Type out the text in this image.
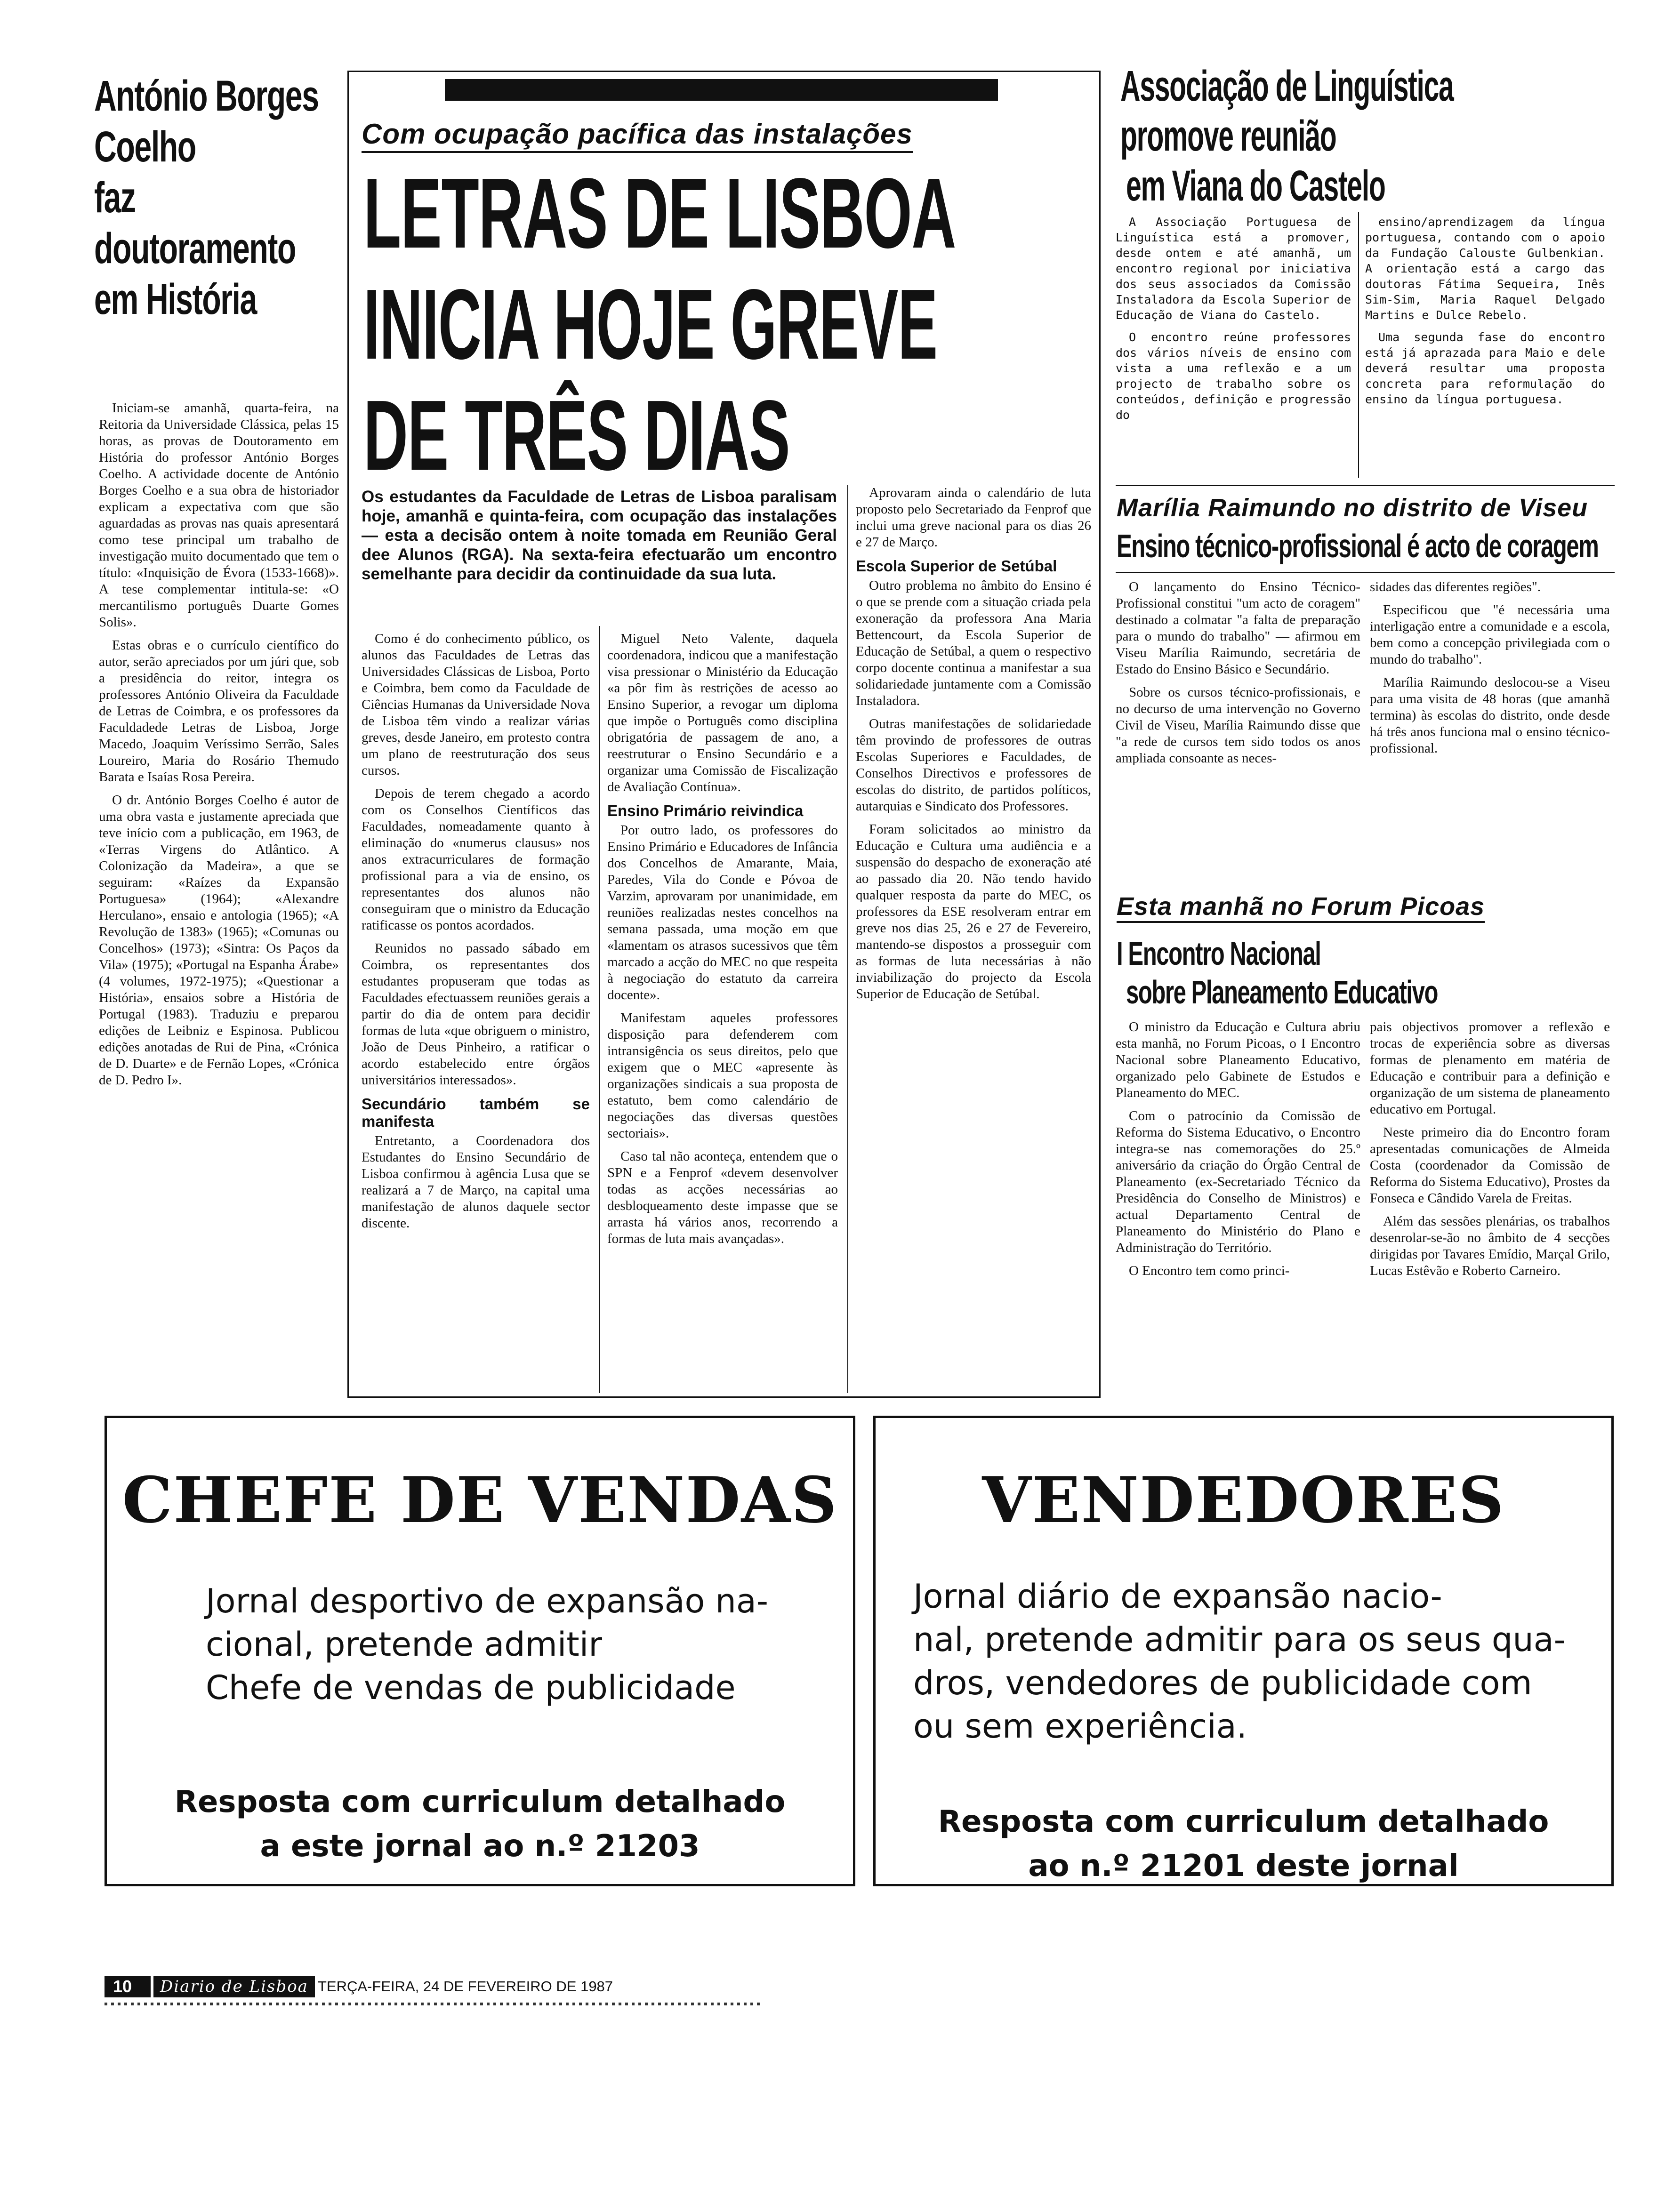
António Borges
Coelho
faz
doutoramento
em História

Iniciam-se amanhã, quarta-feira, na Reitoria da Universidade Clássica, pelas 15 horas, as provas de Doutoramento em História do professor António Borges Coelho. A actividade docente de António Borges Coelho e a sua obra de historiador explicam a expectativa com que são aguardadas as provas nas quais apresentará como tese principal um trabalho de investigação muito documentado que tem o título: «Inquisição de Évora (1533-1668)». A tese complementar intitula-se: «O mercantilismo português Duarte Gomes Solis».

Estas obras e o currículo científico do autor, serão apreciados por um júri que, sob a presidência do reitor, integra os professores António Oliveira da Faculdade de Letras de Coimbra, e os professores da Faculdadede Letras de Lisboa, Jorge Macedo, Joaquim Veríssimo Serrão, Sales Loureiro, Maria do Rosário Themudo Barata e Isaías Rosa Pereira.

O dr. António Borges Coelho é autor de uma obra vasta e justamente apreciada que teve início com a publicação, em 1963, de «Terras Virgens do Atlântico. A Colonização da Madeira», a que se seguiram: «Raízes da Expansão Portuguesa» (1964); «Alexandre Herculano», ensaio e antologia (1965); «A Revolução de 1383» (1965); «Comunas ou Concelhos» (1973); «Sintra: Os Paços da Vila» (1975); «Portugal na Espanha Árabe» (4 volumes, 1972-1975); «Questionar a História», ensaios sobre a História de Portugal (1983). Traduziu e preparou edições de Leibniz e Espinosa. Publicou edições anotadas de Rui de Pina, «Crónica de D. Duarte» e de Fernão Lopes, «Crónica de D. Pedro I».

Com ocupação pacífica das instalações
LETRAS DE LISBOA
INICIA HOJE GREVE
DE TRÊS DIAS
Os estudantes da Faculdade de Letras de Lisboa paralisam hoje, amanhã e quinta-feira, com ocupação das instalações — esta a decisão ontem à noite tomada em Reunião Geral dee Alunos (RGA). Na sexta-feira efectuarão um encontro semelhante para decidir da continuidade da sua luta.

Como é do conhecimento público, os alunos das Faculdades de Letras das Universidades Clássicas de Lisboa, Porto e Coimbra, bem como da Faculdade de Ciências Humanas da Universidade Nova de Lisboa têm vindo a realizar várias greves, desde Janeiro, em protesto contra um plano de reestruturação dos seus cursos.

Depois de terem chegado a acordo com os Conselhos Científicos das Faculdades, nomeadamente quanto à eliminação do «numerus clausus» nos anos extracurriculares de formação profissional para a via de ensino, os representantes dos alunos não conseguiram que o ministro da Educação ratificasse os pontos acordados.

Reunidos no passado sábado em Coimbra, os representantes dos estudantes propuseram que todas as Faculdades efectuassem reuniões gerais a partir do dia de ontem para decidir formas de luta «que obriguem o ministro, João de Deus Pinheiro, a ratificar o acordo estabelecido entre órgãos universitários interessados».

Secundário também se manifesta

Entretanto, a Coordenadora dos Estudantes do Ensino Secundário de Lisboa confirmou à agência Lusa que se realizará a 7 de Março, na capital uma manifestação de alunos daquele sector discente.

Miguel Neto Valente, daquela coordenadora, indicou que a manifestação visa pressionar o Ministério da Educação «a pôr fim às restrições de acesso ao Ensino Superior, a revogar um diploma que impõe o Português como disciplina obrigatória de passagem de ano, a reestruturar o Ensino Secundário e a organizar uma Comissão de Fiscalização de Avaliação Contínua».

Ensino Primário reivindica

Por outro lado, os professores do Ensino Primário e Educadores de Infância dos Concelhos de Amarante, Maia, Paredes, Vila do Conde e Póvoa de Varzim, aprovaram por unanimidade, em reuniões realizadas nestes concelhos na semana passada, uma moção em que «lamentam os atrasos sucessivos que têm marcado a acção do MEC no que respeita à negociação do estatuto da carreira docente».

Manifestam aqueles professores disposição para defenderem com intransigência os seus direitos, pelo que exigem que o MEC «apresente às organizações sindicais a sua proposta de estatuto, bem como calendário de negociações das diversas questões sectoriais».

Caso tal não aconteça, entendem que o SPN e a Fenprof «devem desenvolver todas as acções necessárias ao desbloqueamento deste impasse que se arrasta há vários anos, recorrendo a formas de luta mais avançadas».

Aprovaram ainda o calendário de luta proposto pelo Secretariado da Fenprof que inclui uma greve nacional para os dias 26 e 27 de Março.

Escola Superior de Setúbal

Outro problema no âmbito do Ensino é o que se prende com a situação criada pela exoneração da professora Ana Maria Bettencourt, da Escola Superior de Educação de Setúbal, a quem o respectivo corpo docente continua a manifestar a sua solidariedade juntamente com a Comissão Instaladora.

Outras manifestações de solidariedade têm provindo de professores de outras Escolas Superiores e Faculdades, de Conselhos Directivos e professores de escolas do distrito, de partidos políticos, autarquias e Sindicato dos Professores.

Foram solicitados ao ministro da Educação e Cultura uma audiência e a suspensão do despacho de exoneração até ao passado dia 20. Não tendo havido qualquer resposta da parte do MEC, os professores da ESE resolveram entrar em greve nos dias 25, 26 e 27 de Fevereiro, mantendo-se dispostos a prosseguir com as formas de luta necessárias à não inviabilização do projecto da Escola Superior de Educação de Setúbal.

Associação de Linguística
promove reunião
em Viana do Castelo

A Associação Portuguesa de Linguística está a promover, desde ontem e até amanhã, um encontro regional por iniciativa dos seus associados da Comissão Instaladora da Escola Superior de Educação de Viana do Castelo.

O encontro reúne professores dos vários níveis de ensino com vista a uma reflexão e a um projecto de trabalho sobre os conteúdos, definição e progressão do

ensino/aprendizagem da língua portuguesa, contando com o apoio da Fundação Calouste Gulbenkian. A orientação está a cargo das doutoras Fátima Sequeira, Inês Sim-Sim, Maria Raquel Delgado Martins e Dulce Rebelo.

Uma segunda fase do encontro está já aprazada para Maio e dele deverá resultar uma proposta concreta para reformulação do ensino da língua portuguesa.

Marília Raimundo no distrito de Viseu
Ensino técnico-profissional é acto de coragem

O lançamento do Ensino Técnico-Profissional constitui "um acto de coragem" destinado a colmatar "a falta de preparação para o mundo do trabalho" — afirmou em Viseu Marília Raimundo, secretária de Estado do Ensino Básico e Secundário.

Sobre os cursos técnico-profissionais, e no decurso de uma intervenção no Governo Civil de Viseu, Marília Raimundo disse que "a rede de cursos tem sido todos os anos ampliada consoante as neces-

sidades das diferentes regiões".

Especificou que "é necessária uma interligação entre a comunidade e a escola, bem como a concepção privilegiada com o mundo do trabalho".

Marília Raimundo deslocou-se a Viseu para uma visita de 48 horas (que amanhã termina) às escolas do distrito, onde desde há três anos funciona mal o ensino técnico-profissional.

Esta manhã no Forum Picoas
I Encontro Nacional
sobre Planeamento Educativo

O ministro da Educação e Cultura abriu esta manhã, no Forum Picoas, o I Encontro Nacional sobre Planeamento Educativo, organizado pelo Gabinete de Estudos e Planeamento do MEC.

Com o patrocínio da Comissão de Reforma do Sistema Educativo, o Encontro integra-se nas comemorações do 25.º aniversário da criação do Órgão Central de Planeamento (ex-Secretariado Técnico da Presidência do Conselho de Ministros) e actual Departamento Central de Planeamento do Ministério do Plano e Administração do Território.

O Encontro tem como princi-

pais objectivos promover a reflexão e trocas de experiência sobre as diversas formas de plenamento em matéria de Educação e contribuir para a definição e organização de um sistema de planeamento educativo em Portugal.

Neste primeiro dia do Encontro foram apresentadas comunicações de Almeida Costa (coordenador da Comissão de Reforma do Sistema Educativo), Prostes da Fonseca e Cândido Varela de Freitas.

Além das sessões plenárias, os trabalhos desenrolar-se-ão no âmbito de 4 secções dirigidas por Tavares Emídio, Marçal Grilo, Lucas Estêvão e Roberto Carneiro.

CHEFE DE VENDAS
Jornal desportivo de expansão na-
cional, pretende admitir
Chefe de vendas de publicidade
Resposta com curriculum detalhado
a este jornal ao n.º 21203
VENDEDORES
Jornal diário de expansão nacio-
nal, pretende admitir para os seus qua-
dros, vendedores de publicidade com
ou sem experiência.
Resposta com curriculum detalhado
ao n.º 21201 deste jornal
10	Diario de Lisboa TERÇA-FEIRA, 24 DE FEVEREIRO DE 1987
